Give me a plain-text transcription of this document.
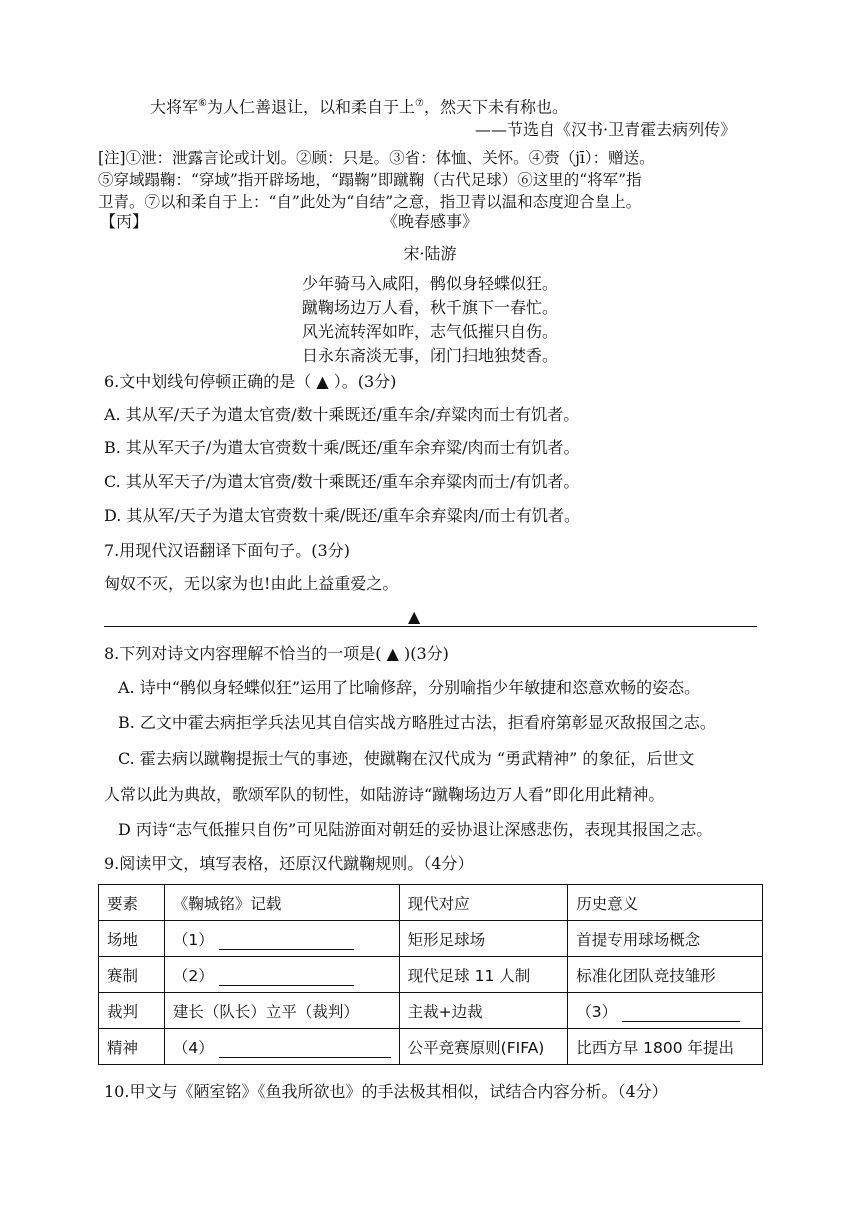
大将军⑥为人仁善退让，以和柔自于上⑦，然天下未有称也。
——节选自《汉书·卫青霍去病列传》
[注]①泄：泄露言论或计划。②顾：只是。③省：体恤、关怀。④赍（jī）：赠送。
⑤穿域蹋鞠：“穿域”指开辟场地，“蹋鞠”即蹴鞠（古代足球）⑥这里的“将军”指
卫青。⑦以和柔自于上：“自”此处为“自结”之意，指卫青以温和态度迎合皇上。
【丙】	《晚春感事》
宋·陆游
少年骑马入咸阳，鹘似身轻蝶似狂。
蹴鞠场边万人看，秋千旗下一春忙。
风光流转浑如昨，志气低摧只自伤。
日永东斋淡无事，闭门扫地独焚香。
6.文中划线句停顿正确的是（ ▲ ）。(3分)
A. 其从军/天子为遣太官赍/数十乘既还/重车余/弃粱肉而士有饥者。
B. 其从军天子/为遣太官赍数十乘/既还/重车余弃粱/肉而士有饥者。
C. 其从军天子/为遣太官赍/数十乘既还/重车余弃粱肉而士/有饥者。
D. 其从军/天子为遣太官赍数十乘/既还/重车余弃粱肉/而士有饥者。
7.用现代汉语翻译下面句子。(3分)
匈奴不灭，无以家为也!由此上益重爱之。
▲
8.下列对诗文内容理解不恰当的一项是( ▲ )(3分)
A. 诗中“鹘似身轻蝶似狂”运用了比喻修辞，分别喻指少年敏捷和恣意欢畅的姿态。
B. 乙文中霍去病拒学兵法见其自信实战方略胜过古法，拒看府第彰显灭敌报国之志。
C. 霍去病以蹴鞠提振士气的事迹，使蹴鞠在汉代成为 “勇武精神” 的象征，后世文
人常以此为典故，歌颂军队的韧性，如陆游诗“蹴鞠场边万人看”即化用此精神。
D 丙诗“志气低摧只自伤”可见陆游面对朝廷的妥协退让深感悲伤，表现其报国之志。
9.阅读甲文，填写表格，还原汉代蹴鞠规则。（4分）
要素	《鞠城铭》记载	现代对应	历史意义
场地	（1）	矩形足球场	首提专用球场概念
赛制	（2）	现代足球 11 人制	标准化团队竞技雏形
裁判	建长（队长）立平（裁判）	主裁+边裁	（3）
精神	（4）	公平竞赛原则(FIFA)	比西方早 1800 年提出
10.甲文与《陋室铭》《鱼我所欲也》的手法极其相似，试结合内容分析。（4分）
